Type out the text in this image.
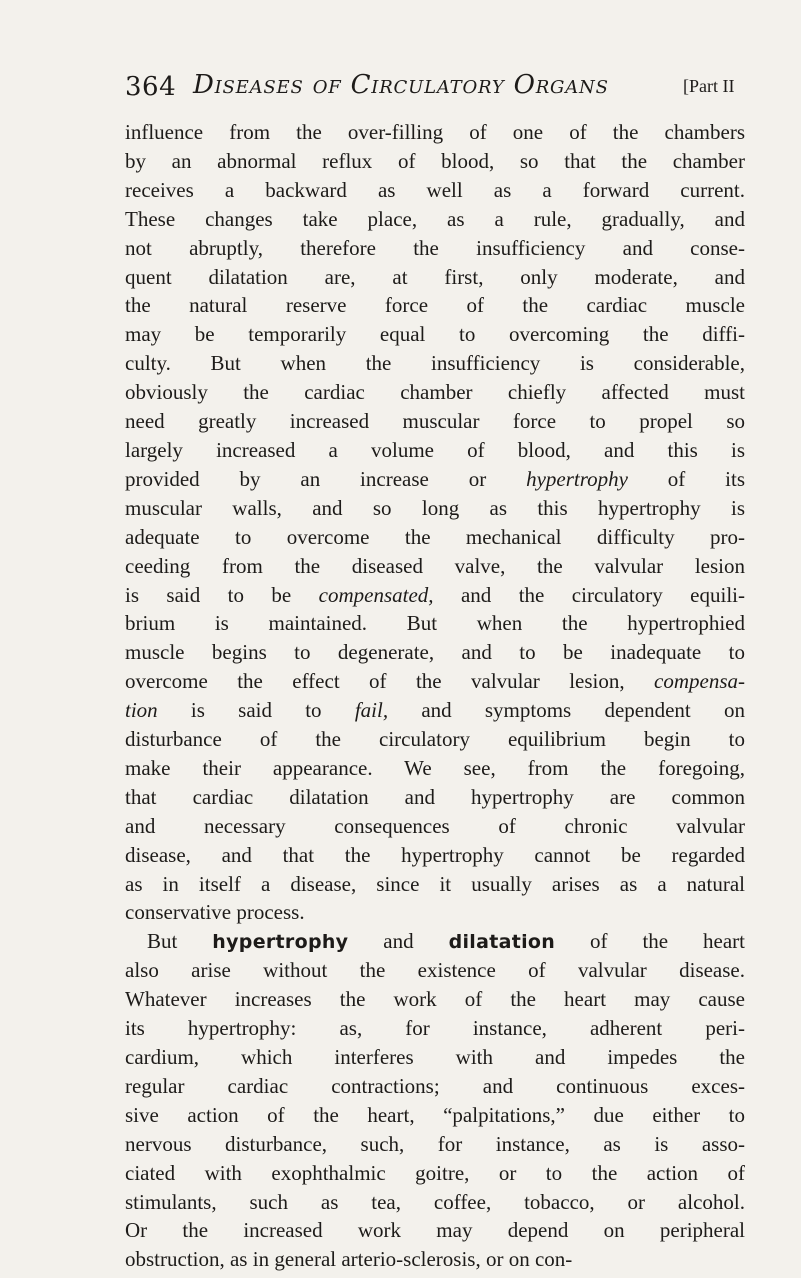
364 Diseases of Circulatory Organs	[Part II
influence from the over-filling of one of the chambers
by an abnormal reflux of blood, so that the chamber
receives a backward as well as a forward current.
These changes take place, as a rule, gradually, and
not abruptly, therefore the insufficiency and conse-
quent dilatation are, at first, only moderate, and
the natural reserve force of the cardiac muscle
may be temporarily equal to overcoming the diffi-
culty. But when the insufficiency is considerable,
obviously the cardiac chamber chiefly affected must
need greatly increased muscular force to propel so
largely increased a volume of blood, and this is
provided by an increase or hypertrophy of its
muscular walls, and so long as this hypertrophy is
adequate to overcome the mechanical difficulty pro-
ceeding from the diseased valve, the valvular lesion
is said to be compensated, and the circulatory equili-
brium is maintained. But when the hypertrophied
muscle begins to degenerate, and to be inadequate to
overcome the effect of the valvular lesion, compensa-
tion is said to fail, and symptoms dependent on
disturbance of the circulatory equilibrium begin to
make their appearance. We see, from the foregoing,
that cardiac dilatation and hypertrophy are common
and necessary consequences of chronic valvular
disease, and that the hypertrophy cannot be regarded
as in itself a disease, since it usually arises as a natural
conservative process.
But hypertrophy and dilatation of the heart
also arise without the existence of valvular disease.
Whatever increases the work of the heart may cause
its hypertrophy: as, for instance, adherent peri-
cardium, which interferes with and impedes the
regular cardiac contractions; and continuous exces-
sive action of the heart, “palpitations,” due either to
nervous disturbance, such, for instance, as is asso-
ciated with exophthalmic goitre, or to the action of
stimulants, such as tea, coffee, tobacco, or alcohol.
Or the increased work may depend on peripheral
obstruction, as in general arterio-sclerosis, or on con-
